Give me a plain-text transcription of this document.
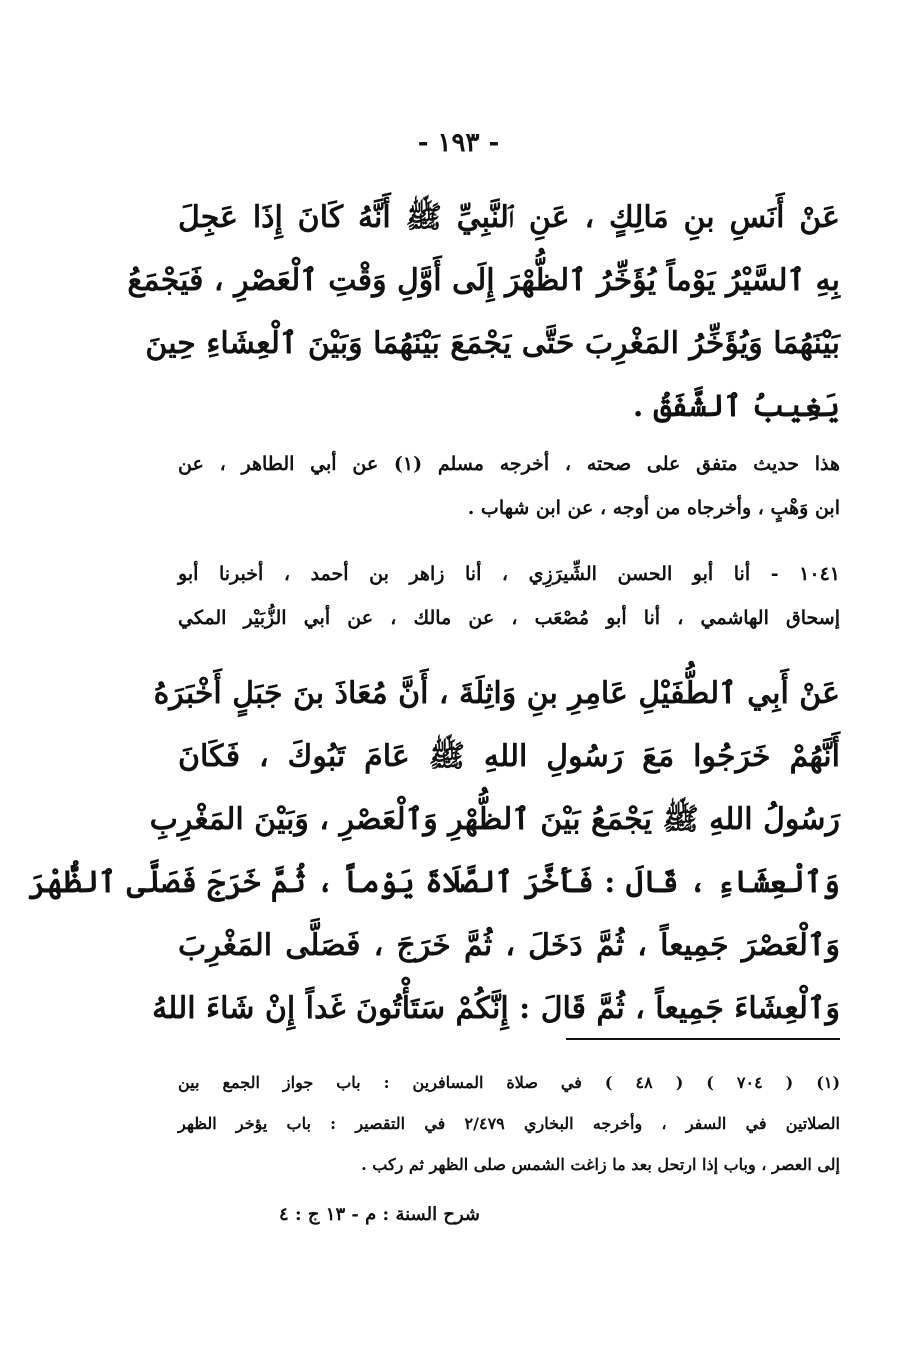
- ١٩٣ -
عَنْ أَنَسِ بنِ مَالِكٍ ، عَنِ ٱلنَّبِيِّ ﷺ أَنَّهُ كَانَ إِذَا عَجِلَ
بِهِ ٱلسَّيْرُ يَوْماً يُؤَخِّرُ ٱلظُّهْرَ إِلَى أَوَّلِ وَقْتِ ٱلْعَصْرِ ، فَيَجْمَعُ
بَيْنَهُمَا وَيُؤَخِّرُ المَغْرِبَ حَتَّى يَجْمَعَ بَيْنَهُمَا وَبَيْنَ ٱلْعِشَاءِ حِينَ
يَغِيبُ ٱلشَّفَقُ .
هذا حديث متفق على صحته ، أخرجه مسلم (١) عن أبي الطاهر ، عن
ابن وَهْبٍ ، وأخرجاه من أوجه ، عن ابن شهاب .
١٠٤١ - أنا أبو الحسن الشِّيرَزِي ، أنا زاهر بن أحمد ، أخبرنا أبو
إسحاق الهاشمي ، أنا أبو مُصْعَب ، عن مالك ، عن أبي الزُّبَيْر المكي
عَنْ أَبِي ٱلطُّفَيْلِ عَامِرِ بنِ وَاثِلَةَ ، أَنَّ مُعَاذَ بنَ جَبَلٍ أَخْبَرَهُ
أَنَّهُمْ خَرَجُوا مَعَ رَسُولِ اللهِ ﷺ عَامَ تَبُوكَ ، فَكَانَ
رَسُولُ اللهِ ﷺ يَجْمَعُ بَيْنَ ٱلظُّهْرِ وَٱلْعَصْرِ ، وَبَيْنَ المَغْرِبِ
وَٱلْعِشَاءِ ، قَالَ : فَأَخَّرَ ٱلصَّلَاةَ يَوْماً ، ثُمَّ خَرَجَ فَصَلَّى ٱلظُّهْرَ
وَٱلْعَصْرَ جَمِيعاً ، ثُمَّ دَخَلَ ، ثُمَّ خَرَجَ ، فَصَلَّى المَغْرِبَ
وَٱلْعِشَاءَ جَمِيعاً ، ثُمَّ قَالَ : إِنَّكُمْ سَتَأْتُونَ غَداً إِنْ شَاءَ اللهُ
(١) ( ٧٠٤ ) ( ٤٨ ) في صلاة المسافرين : باب جواز الجمع بين
الصلاتين في السفر ، وأخرجه البخاري ٢/٤٧٩ في التقصير : باب يؤخر الظهر
إلى العصر ، وباب إذا ارتحل بعد ما زاغت الشمس صلى الظهر ثم ركب .
شرح السنة : م - ١٣ ج : ٤
